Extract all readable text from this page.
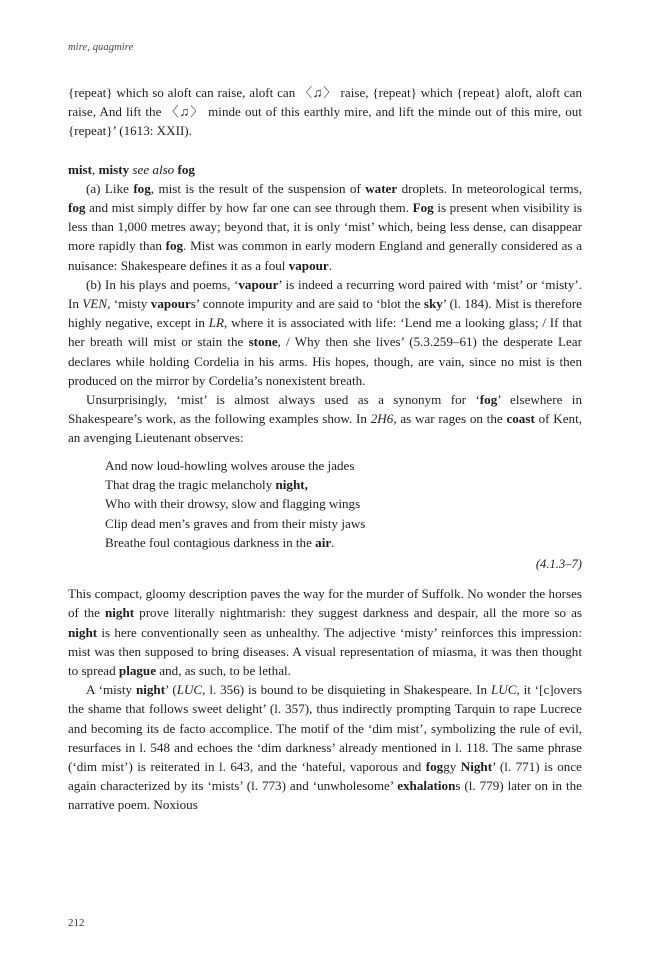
mire, quagmire

{repeat} which so aloft can raise, aloft can 〈♫〉 raise, {repeat} which {repeat} aloft, aloft can raise, And lift the 〈♫〉 minde out of this earthly mire, and lift the minde out of this mire, out {repeat}’ (1613: XXII).

mist, misty see also fog

(a) Like fog, mist is the result of the suspension of water droplets. In meteorological terms, fog and mist simply differ by how far one can see through them. Fog is present when visibility is less than 1,000 metres away; beyond that, it is only ‘mist’ which, being less dense, can disappear more rapidly than fog. Mist was common in early modern England and generally considered as a nuisance: Shakespeare defines it as a foul vapour.

(b) In his plays and poems, ‘vapour’ is indeed a recurring word paired with ‘mist’ or ‘misty’. In VEN, ‘misty vapours’ connote impurity and are said to ‘blot the sky’ (l. 184). Mist is therefore highly negative, except in LR, where it is associated with life: ‘Lend me a looking glass; / If that her breath will mist or stain the stone, / Why then she lives’ (5.3.259–61) the desperate Lear declares while holding Cordelia in his arms. His hopes, though, are vain, since no mist is then produced on the mirror by Cordelia’s nonexistent breath.

Unsurprisingly, ‘mist’ is almost always used as a synonym for ‘fog’ elsewhere in Shakespeare’s work, as the following examples show. In 2H6, as war rages on the coast of Kent, an avenging Lieutenant observes:

And now loud-howling wolves arouse the jades
That drag the tragic melancholy night,
Who with their drowsy, slow and flagging wings
Clip dead men’s graves and from their misty jaws
Breathe foul contagious darkness in the air.
(4.1.3–7)

This compact, gloomy description paves the way for the murder of Suffolk. No wonder the horses of the night prove literally nightmarish: they suggest darkness and despair, all the more so as night is here conventionally seen as unhealthy. The adjective ‘misty’ reinforces this impression: mist was then supposed to bring diseases. A visual representation of miasma, it was then thought to spread plague and, as such, to be lethal.

A ‘misty night’ (LUC, l. 356) is bound to be disquieting in Shakespeare. In LUC, it ‘[c]overs the shame that follows sweet delight’ (l. 357), thus indirectly prompting Tarquin to rape Lucrece and becoming its de facto accomplice. The motif of the ‘dim mist’, symbolizing the rule of evil, resurfaces in l. 548 and echoes the ‘dim darkness’ already mentioned in l. 118. The same phrase (‘dim mist’) is reiterated in l. 643, and the ‘hateful, vaporous and foggy Night’ (l. 771) is once again characterized by its ‘mists’ (l. 773) and ‘unwholesome’ exhalations (l. 779) later on in the narrative poem. Noxious

212
